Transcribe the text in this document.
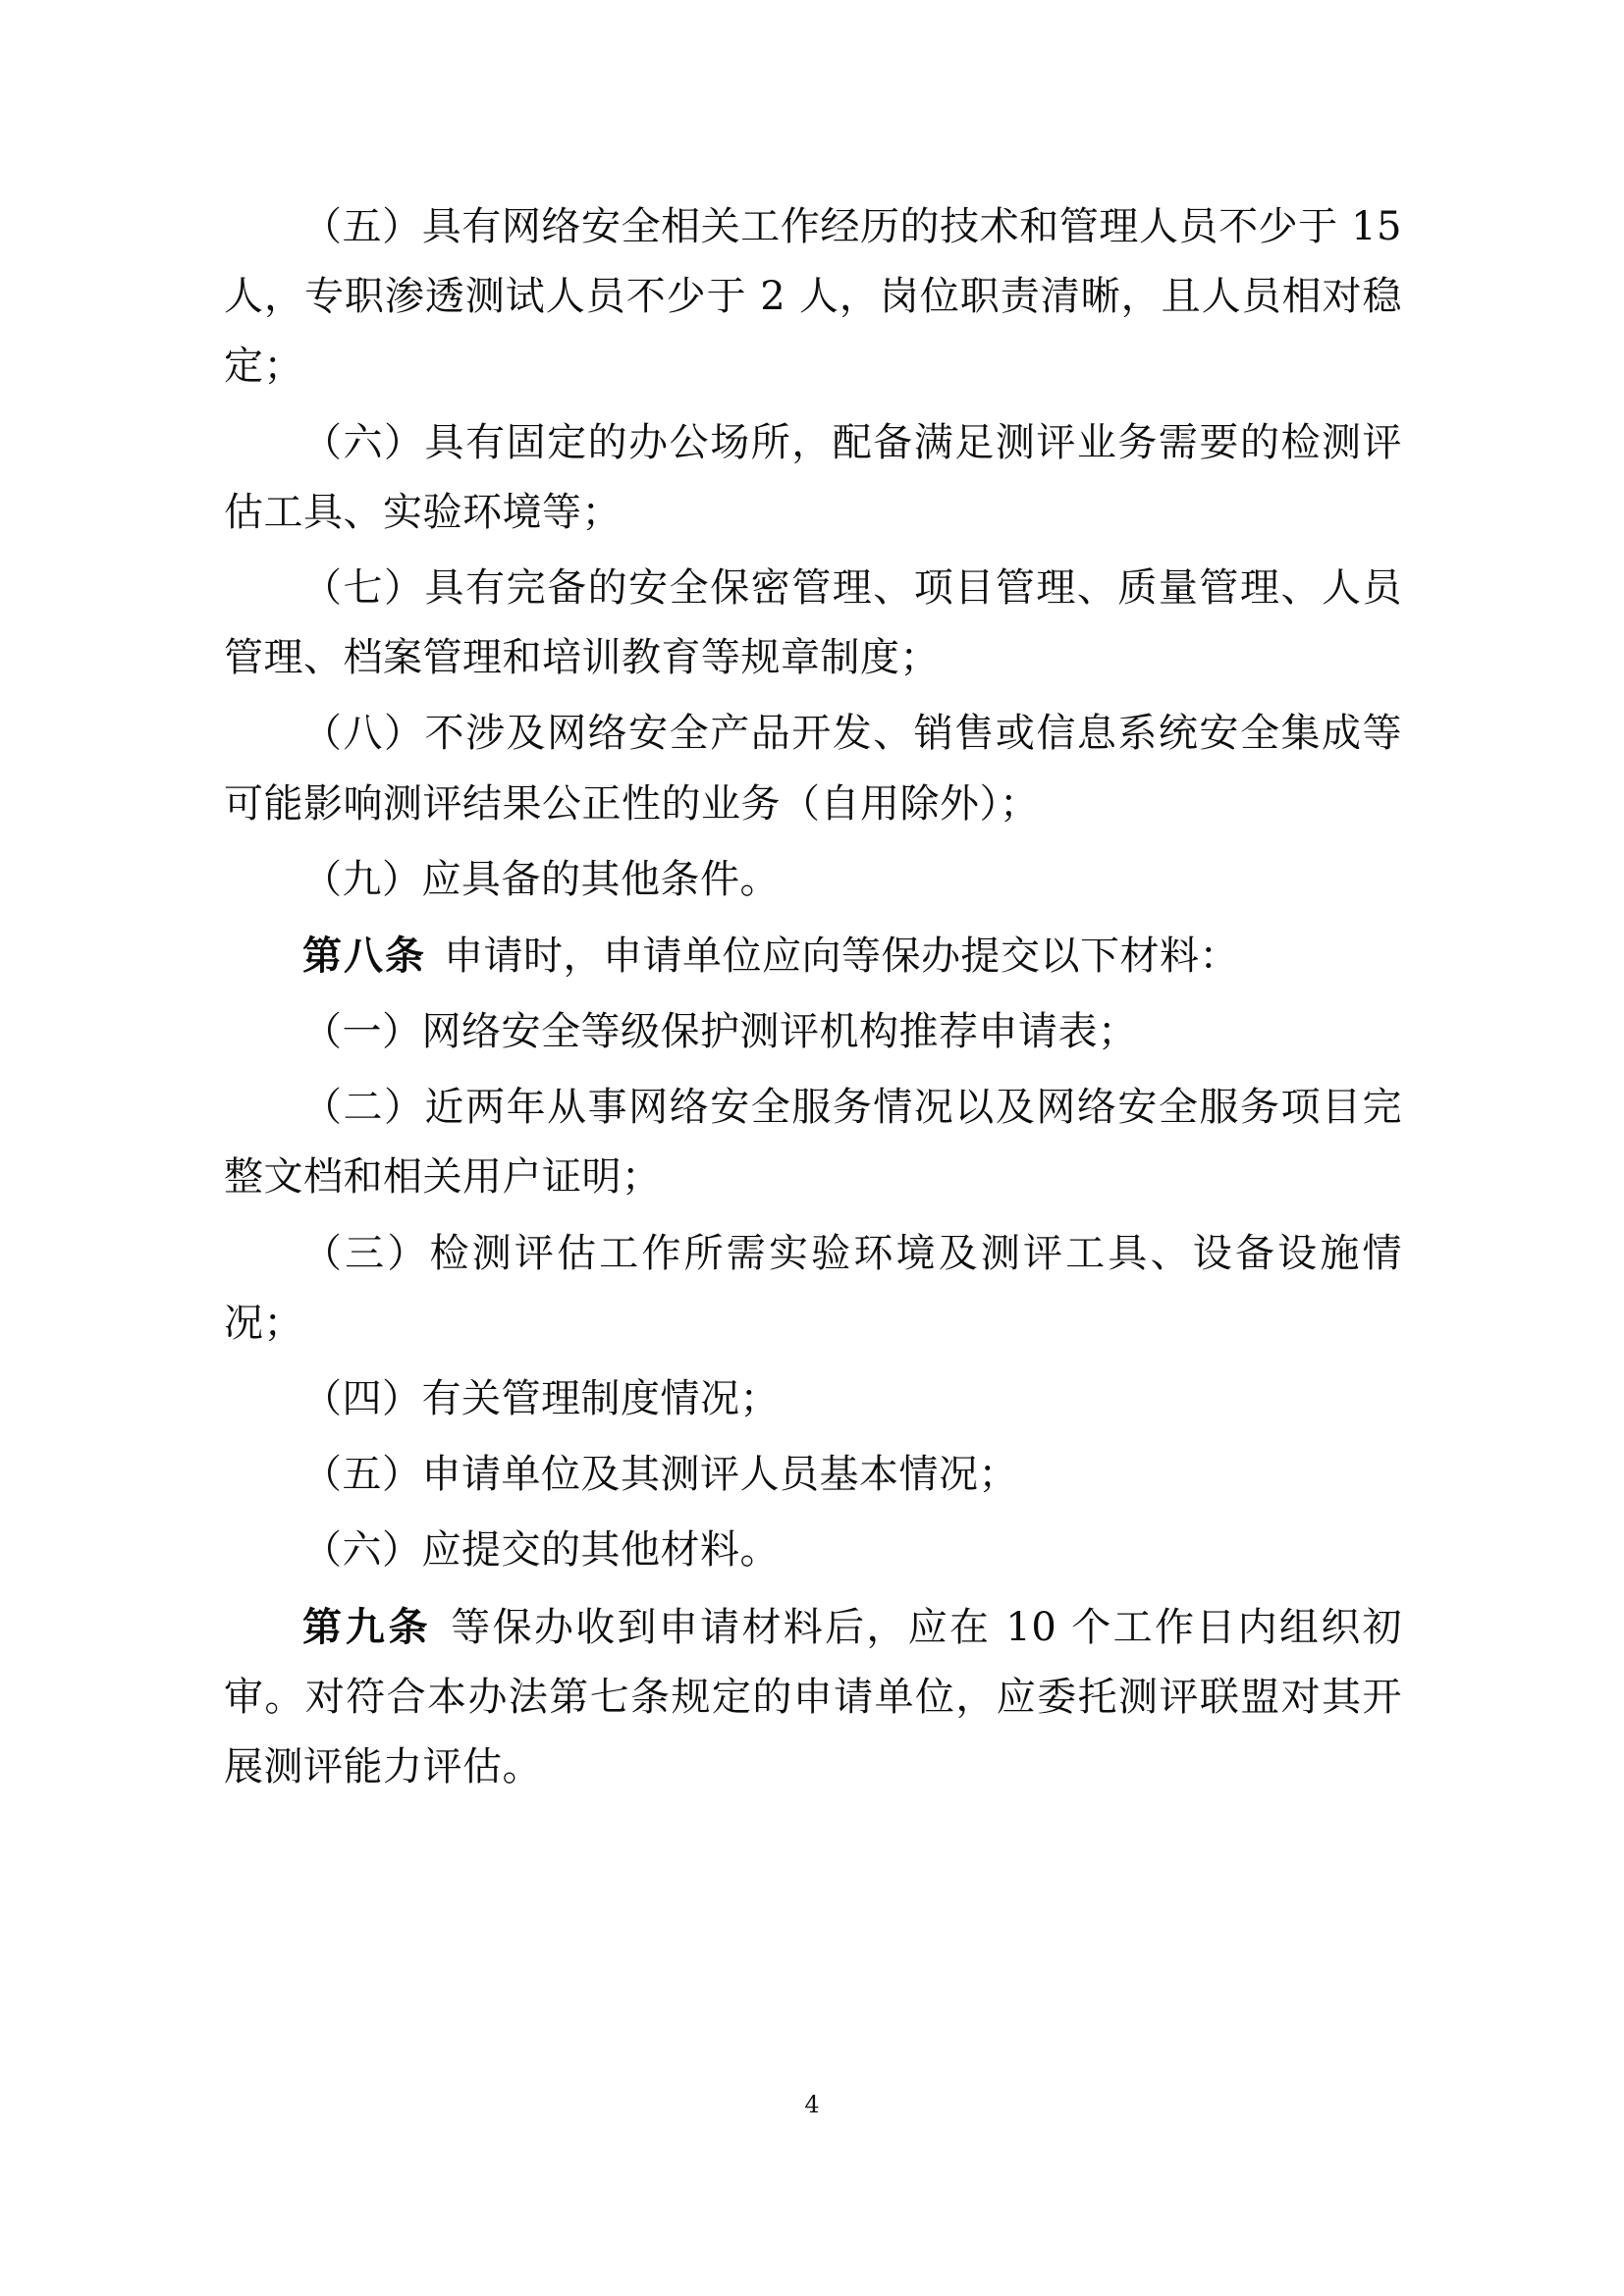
（五）具有网络安全相关工作经历的技术和管理人员不少于 15 人，专职渗透测试人员不少于 2 人，岗位职责清晰，且人员相对稳定；

（六）具有固定的办公场所，配备满足测评业务需要的检测评估工具、实验环境等；

（七）具有完备的安全保密管理、项目管理、质量管理、人员管理、档案管理和培训教育等规章制度；

（八）不涉及网络安全产品开发、销售或信息系统安全集成等可能影响测评结果公正性的业务（自用除外）；

（九）应具备的其他条件。

第八条 申请时，申请单位应向等保办提交以下材料：

（一）网络安全等级保护测评机构推荐申请表；

（二）近两年从事网络安全服务情况以及网络安全服务项目完整文档和相关用户证明；

（三）检测评估工作所需实验环境及测评工具、设备设施情况；

（四）有关管理制度情况；

（五）申请单位及其测评人员基本情况；

（六）应提交的其他材料。

第九条 等保办收到申请材料后，应在 10 个工作日内组织初审。对符合本办法第七条规定的申请单位，应委托测评联盟对其开展测评能力评估。

4
